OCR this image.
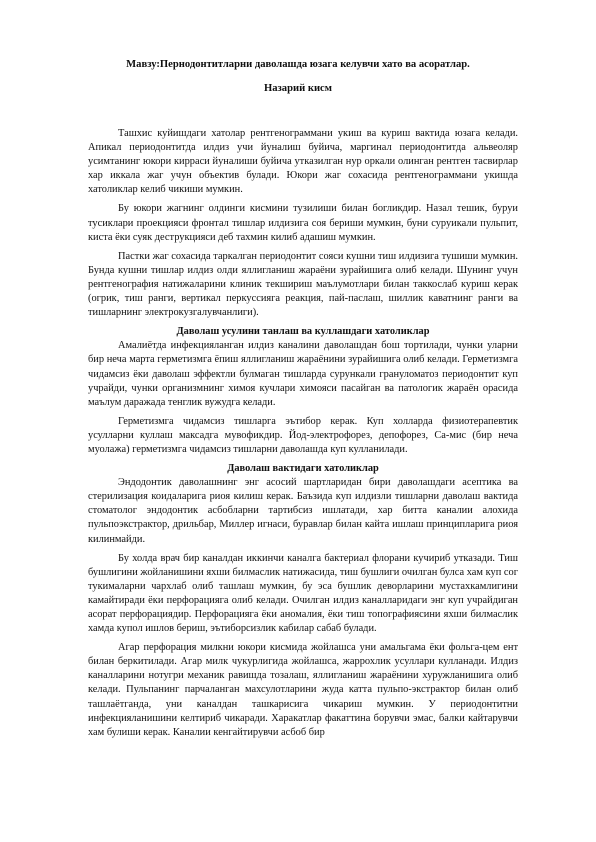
Мавзу:Пернодонтитларни даволашда юзага келувчи хато ва асоратлар.
Назарий кисм

Ташхис куйишдаги хатолар рентгенограммани укиш ва куриш вактида юзага келади. Апикал периодонтитда илдиз учи йуналиш буйича, маргинал периодонтитда альвеоляр усимтанинг юкори кирраси йуналиши буйича утказилган нур оркали олинган рентген тасвирлар хар иккала жаг учун объектив булади. Юкори жаг сохасида рентгенограммани укишда хатоликлар келиб чикиши мумкин.

Бу юкори жагнинг олдинги кисмини тузилиши билан богликдир. Назал тешик, буруи тусиклари проекцияси фронтал тишлар илдизига соя бериши мумкин, буни суруикали пульпит, киста ёки суяк деструкцияси деб тахмин килиб адашиш мумкин.

Пастки жаг сохасида таркалган периодонтит сояси кушни тиш илдизига тушиши мумкин. Бунда кушни тишлар илдиз олди яллигланиш жараёни зурайишига олиб келади. Шунинг учун рентгенография натижаларини клиник текшириш маълумотлари билан таккослаб куриш керак (огрик, тиш ранги, вертикал перкуссияга реакция, пай-паслаш, шиллик каватнинг ранги ва тишларнинг электрокузгалувчанлиги).

Даволаш усулини танлаш ва куллашдаги хатоликлар

Амалиётда инфекцияланган илдиз каналини даволашдан бош тортилади, чунки уларни бир неча марта герметизмга ёпиш яллигланиш жараёнини зурайишига олиб келади. Герметизмга чидамсиз ёки даволаш эффектли булмаган тишларда сурункали грануломатоз периодонтит куп учрайди, чунки организмнинг химоя кучлари химояси пасайган ва патологик жараён орасида маълум даражада тенглик вужудга келади.

Герметизмга чидамсиз тишларга эътибор керак. Куп холларда физиотерапевтик усулларни куллаш максадга мувофикдир. Йод-электрофорез, депофорез, Са-мис (бир неча муолажа) герметизмга чидамсиз тишларни даволашда куп кулланилади.

Даволаш вактидаги хатоликлар

Эндодонтик даволашнинг энг асосий шартларидан бири даволашдаги асептика ва стерилизация коидаларига риоя килиш керак. Баъзида куп илдизли тишларни даволаш вактида стоматолог эндодонтик асбобларни тартибсиз ишлатади, хар битта каналии алохида пульпоэкстрактор, дрильбар, Миллер игнаси, буравлар билан кайта ишлаш принципларига риоя килинмайди.

Бу холда врач бир каналдан иккинчи каналга бактериал флорани кучириб утказади. Тиш бушлигини жойланишини яхши билмаслик натижасида, тиш бушлиги очилган булса хам куп сог тукималарни чархлаб олиб ташлаш мумкин, бу эса бушлик деворларини мустахкамлигини камайтиради ёки перфорацияга олиб келади. Очилган илдиз каналларидаги энг куп учрайдиган асорат перфорациядир. Перфорацияга ёки аномалия, ёки тиш топографиясини яхши билмаслик хамда купол ишлов бериш, эътиборсизлик кабилар сабаб булади.

Агар перфорация милкни юкори кисмида жойлашса уни амальгама ёки фольга-цем ент билан беркитилади. Агар милк чукурлигида жойлашса, жаррохлик усуллари кулланади. Илдиз каналларини нотугри механик равишда тозалаш, яллигланиш жараёнини хуружланишига олиб келади. Пульпанинг парчаланган махсулотларини жуда катта пульпо-экстрактор билан олиб ташлаётганда, уни каналдан ташкарисига чикариш мумкин. У периодонтитни инфекцияланишини келтириб чикаради. Харакатлар факаттина борувчи эмас, балки кайтарувчи хам булиши керак. Каналии кенгайтирувчи асбоб бир
